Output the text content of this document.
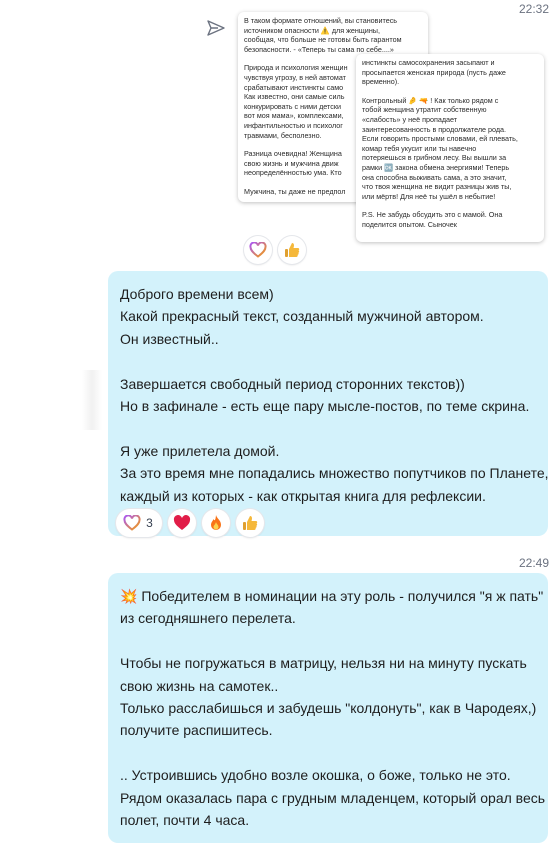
22:32

В таком формате отношений, вы становитесь

источником опасности ⚠️ для женщины,

сообщая, что больше не готовы быть гарантом

безопасности. - «Теперь ты сама по себе....»

Природа и психология женщин

чувствуя угрозу, в ней автомат

срабатывают инстинкты само

Как известно, они самые силь

конкурировать с ними детски

вот моя мама», комплексами,

инфантильностью и психолог

травмами, бесполезно.

Разница очевидна! Женщина

свою жизнь и мужчина движ

неопределённостью ума. Кто

Мужчина, ты даже не предпол

инстинкты самосохранения засыпают и

просыпается женская природа (пусть даже

временно).

Контрольный 🤌 🔫 ! Как только рядом с

тобой женщина утратит собственную

«слабость» у неё пропадает

заинтересованность в продолжателе рода.

Если говорить простыми словами, ей плевать,

комар тебя укусит или ты навечно

потеряешься в грибном лесу. Вы вышли за

рамки 🆗 закона обмена энергиями! Теперь

она способна выживать сама, а это значит,

что твоя женщина не видит разницы жив ты,

или мёртв! Для неё ты ушёл в небытие!

P.S. Не забудь обсудить это с мамой. Она

поделится опытом. Сыночек

Доброго времени всем)
Какой прекрасный текст, созданный мужчиной автором.
Он известный..
Завершается свободный период сторонних текстов))
Но в зафинале - есть еще пару мысле-постов, по теме скрина.
Я уже прилетела домой.
За это время мне попадались множество попутчиков по Планете,
каждый из которых - как открытая книга для рефлексии.
3
22:49
💥 Победителем в номинации на эту роль - получился "я ж пать"
из сегодняшнего перелета.
Чтобы не погружаться в матрицу, нельзя ни на минуту пускать
свою жизнь на самотек..
Только расслабишься и забудешь "колдонуть", как в Чародеях,)
получите распишитесь.
.. Устроившись удобно возле окошка, о боже, только не это.
Рядом оказалась пара с грудным младенцем, который орал весь
полет, почти 4 часа.
